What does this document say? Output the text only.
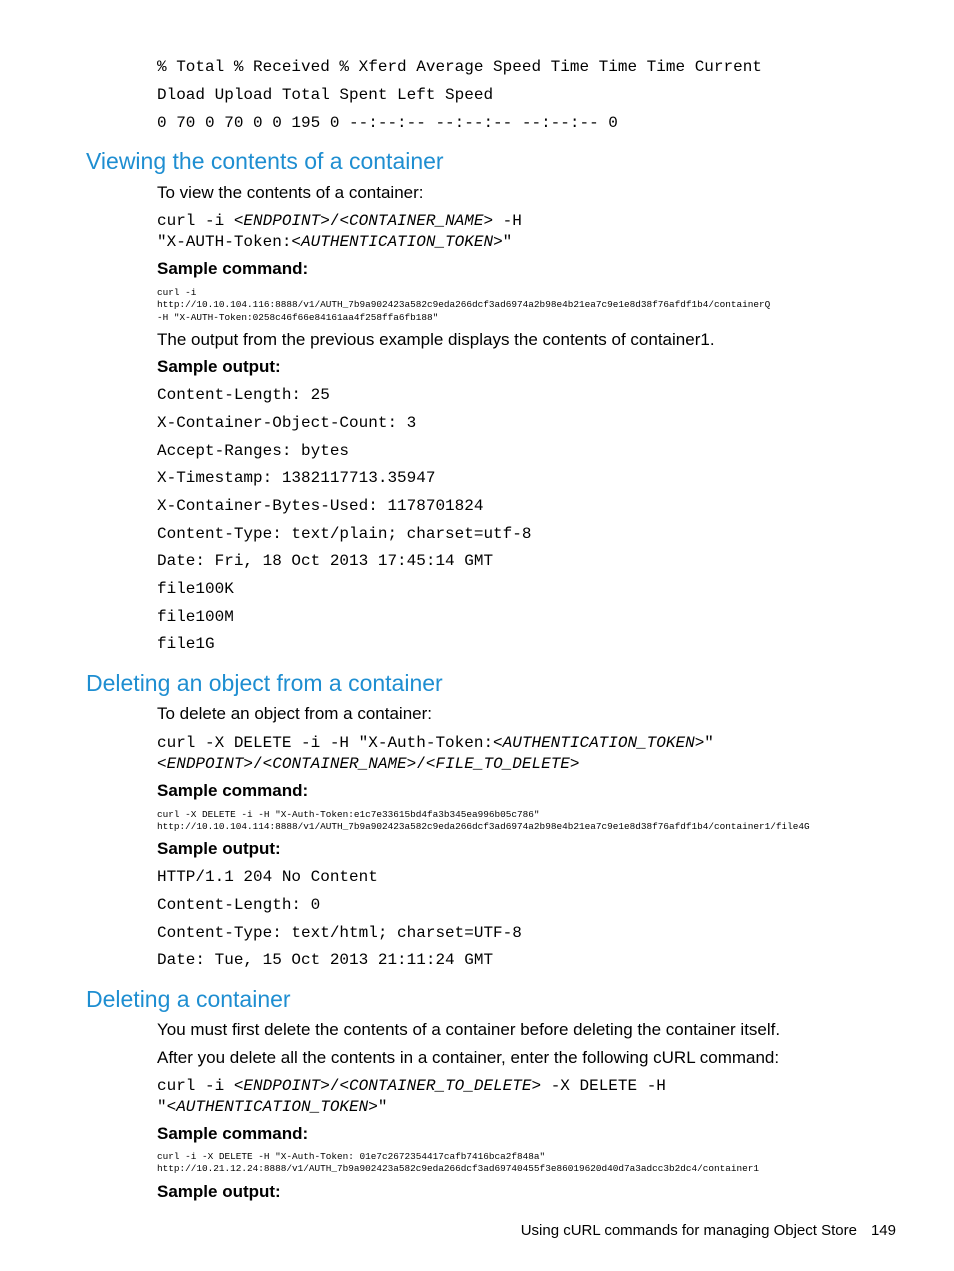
% Total % Received % Xferd Average Speed Time Time Time Current
Dload Upload Total Spent Left Speed
0 70 0 70 0 0 195 0 --:--:-- --:--:-- --:--:-- 0
Viewing the contents of a container
To view the contents of a container:
curl -i <ENDPOINT>/<CONTAINER_NAME> -H
"X-AUTH-Token:<AUTHENTICATION_TOKEN>"
Sample command:
curl -i
http://10.10.104.116:8888/v1/AUTH_7b9a902423a582c9eda266dcf3ad6974a2b98e4b21ea7c9e1e8d38f76afdf1b4/containerQ
-H "X-AUTH-Token:0258c46f66e84161aa4f258ffa6fb188"
The output from the previous example displays the contents of container1.
Sample output:
Content-Length: 25
X-Container-Object-Count: 3
Accept-Ranges: bytes
X-Timestamp: 1382117713.35947
X-Container-Bytes-Used: 1178701824
Content-Type: text/plain; charset=utf-8
Date: Fri, 18 Oct 2013 17:45:14 GMT
file100K
file100M
file1G
Deleting an object from a container
To delete an object from a container:
curl -X DELETE -i -H "X-Auth-Token:<AUTHENTICATION_TOKEN>"
<ENDPOINT>/<CONTAINER_NAME>/<FILE_TO_DELETE>
Sample command:
curl -X DELETE -i -H "X-Auth-Token:e1c7e33615bd4fa3b345ea996b05c786"
http://10.10.104.114:8888/v1/AUTH_7b9a902423a582c9eda266dcf3ad6974a2b98e4b21ea7c9e1e8d38f76afdf1b4/container1/file4G
Sample output:
HTTP/1.1 204 No Content
Content-Length: 0
Content-Type: text/html; charset=UTF-8
Date: Tue, 15 Oct 2013 21:11:24 GMT
Deleting a container
You must first delete the contents of a container before deleting the container itself.
After you delete all the contents in a container, enter the following cURL command:
curl -i <ENDPOINT>/<CONTAINER_TO_DELETE> -X DELETE -H
"<AUTHENTICATION_TOKEN>"
Sample command:
curl -i -X DELETE -H "X-Auth-Token: 01e7c2672354417cafb7416bca2f848a"
http://10.21.12.24:8888/v1/AUTH_7b9a902423a582c9eda266dcf3ad69740455f3e86019620d40d7a3adcc3b2dc4/container1
Sample output:
Using cURL commands for managing Object Store 149
